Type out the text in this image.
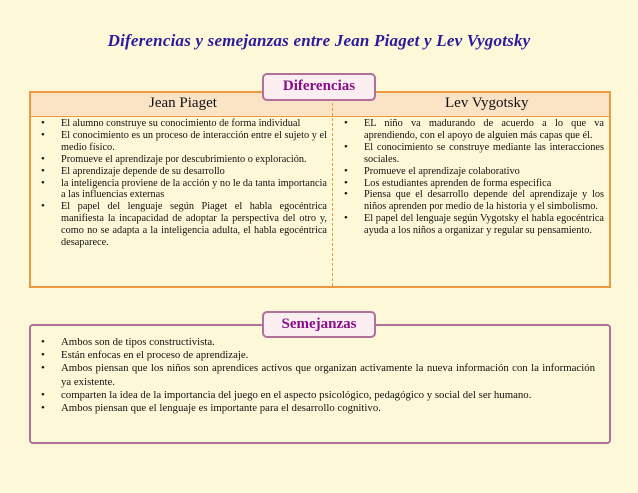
Diferencias y semejanzas entre Jean Piaget y Lev Vygotsky
Diferencias
Jean Piaget	Lev Vygotsky
• El alumno construye su conocimiento de forma individual
• El conocimiento es un proceso de interacción entre el sujeto y el medio físico.
• Promueve el aprendizaje por descubrimiento o exploración.
• El aprendizaje depende de su desarrollo
• la inteligencia proviene de la acción y no le da tanta importancia a las influencias externas
• El papel del lenguaje según Piaget el habla egocéntrica manifiesta la incapacidad de adoptar la perspectiva del otro y, como no se adapta a la inteligencia adulta, el habla egocéntrica desaparece.
• EL niño va madurando de acuerdo a lo que va aprendiendo, con el apoyo de alguien más capas que él.
• El conocimiento se construye mediante las interacciones sociales.
• Promueve el aprendizaje colaborativo
• Los estudiantes aprenden de forma especifica
• Piensa que el desarrollo depende del aprendizaje y los niños aprenden por medio de la historia y el simbolismo.
• El papel del lenguaje según Vygotsky el habla egocéntrica ayuda a los niños a organizar y regular su pensamiento.
Semejanzas
• Ambos son de tipos constructivista.
• Están enfocas en el proceso de aprendizaje.
• Ambos piensan que los niños son aprendices activos que organizan activamente la nueva información con la información ya existente.
• comparten la idea de la importancia del juego en el aspecto psicológico, pedagógico y social del ser humano.
• Ambos piensan que el lenguaje es importante para el desarrollo cognitivo.
